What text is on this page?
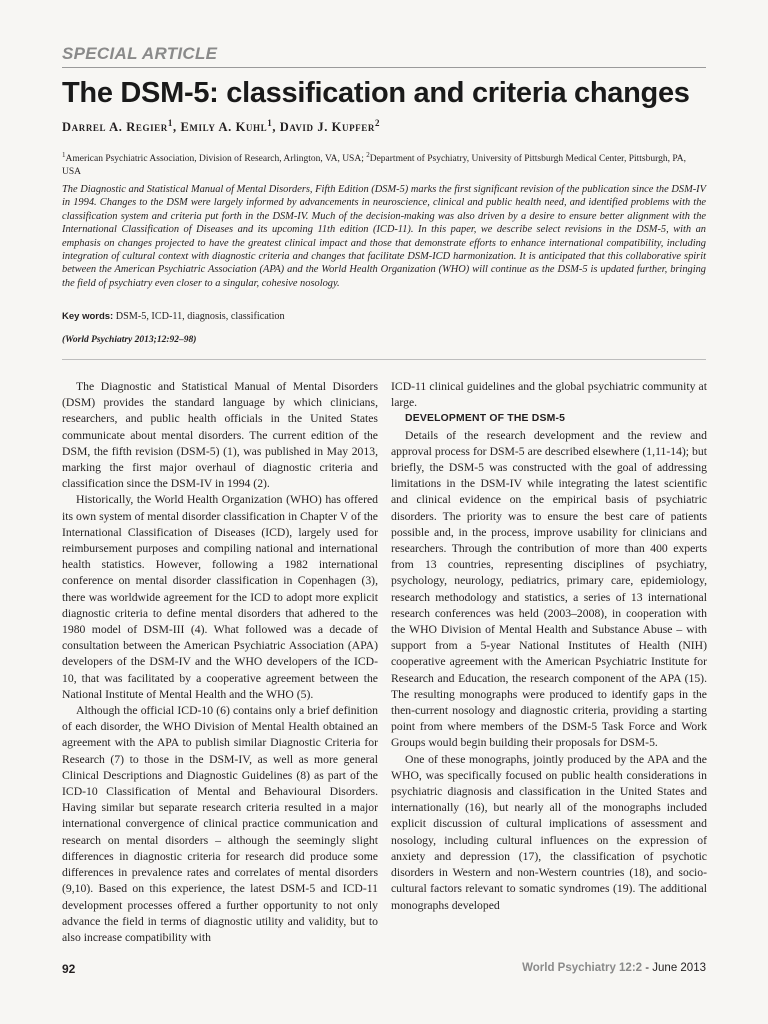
SPECIAL ARTICLE
The DSM-5: classification and criteria changes
Darrel A. Regier$^1$, Emily A. Kuhl$^1$, David J. Kupfer$^2$
$^1$American Psychiatric Association, Division of Research, Arlington, VA, USA; $^2$Department of Psychiatry, University of Pittsburgh Medical Center, Pittsburgh, PA, USA
The Diagnostic and Statistical Manual of Mental Disorders, Fifth Edition (DSM-5) marks the first significant revision of the publication since the DSM-IV in 1994. Changes to the DSM were largely informed by advancements in neuroscience, clinical and public health need, and identified problems with the classification system and criteria put forth in the DSM-IV. Much of the decision-making was also driven by a desire to ensure better alignment with the International Classification of Diseases and its upcoming 11th edition (ICD-11). In this paper, we describe select revisions in the DSM-5, with an emphasis on changes projected to have the greatest clinical impact and those that demonstrate efforts to enhance international compatibility, including integration of cultural context with diagnostic criteria and changes that facilitate DSM-ICD harmonization. It is anticipated that this collaborative spirit between the American Psychiatric Association (APA) and the World Health Organization (WHO) will continue as the DSM-5 is updated further, bringing the field of psychiatry even closer to a singular, cohesive nosology.
Key words: DSM-5, ICD-11, diagnosis, classification
(World Psychiatry 2013;12:92–98)

The Diagnostic and Statistical Manual of Mental Disorders (DSM) provides the standard language by which clinicians, researchers, and public health officials in the United States communicate about mental disorders. The current edition of the DSM, the fifth revision (DSM-5) (1), was published in May 2013, marking the first major overhaul of diagnostic criteria and classification since the DSM-IV in 1994 (2).

Historically, the World Health Organization (WHO) has offered its own system of mental disorder classification in Chapter V of the International Classification of Diseases (ICD), largely used for reimbursement purposes and compiling national and international health statistics. However, following a 1982 international conference on mental disorder classification in Copenhagen (3), there was worldwide agreement for the ICD to adopt more explicit diagnostic criteria to define mental disorders that adhered to the 1980 model of DSM-III (4). What followed was a decade of consultation between the American Psychiatric Association (APA) developers of the DSM-IV and the WHO developers of the ICD-10, that was facilitated by a cooperative agreement between the National Institute of Mental Health and the WHO (5).

Although the official ICD-10 (6) contains only a brief definition of each disorder, the WHO Division of Mental Health obtained an agreement with the APA to publish similar Diagnostic Criteria for Research (7) to those in the DSM-IV, as well as more general Clinical Descriptions and Diagnostic Guidelines (8) as part of the ICD-10 Classification of Mental and Behavioural Disorders. Having similar but separate research criteria resulted in a major international convergence of clinical practice communication and research on mental disorders – although the seemingly slight differences in diagnostic criteria for research did produce some differences in prevalence rates and correlates of mental disorders (9,10). Based on this experience, the latest DSM-5 and ICD-11 development processes offered a further opportunity to not only advance the field in terms of diagnostic utility and validity, but to also increase compatibility with

ICD-11 clinical guidelines and the global psychiatric community at large.

DEVELOPMENT OF THE DSM-5

Details of the research development and the review and approval process for DSM-5 are described elsewhere (1,11-14); but briefly, the DSM-5 was constructed with the goal of addressing limitations in the DSM-IV while integrating the latest scientific and clinical evidence on the empirical basis of psychiatric disorders. The priority was to ensure the best care of patients possible and, in the process, improve usability for clinicians and researchers. Through the contribution of more than 400 experts from 13 countries, representing disciplines of psychiatry, psychology, neurology, pediatrics, primary care, epidemiology, research methodology and statistics, a series of 13 international research conferences was held (2003–2008), in cooperation with the WHO Division of Mental Health and Substance Abuse – with support from a 5-year National Institutes of Health (NIH) cooperative agreement with the American Psychiatric Institute for Research and Education, the research component of the APA (15). The resulting monographs were produced to identify gaps in the then-current nosology and diagnostic criteria, providing a starting point from where members of the DSM-5 Task Force and Work Groups would begin building their proposals for DSM-5.

One of these monographs, jointly produced by the APA and the WHO, was specifically focused on public health considerations in psychiatric diagnosis and classification in the United States and internationally (16), but nearly all of the monographs included explicit discussion of cultural implications of assessment and nosology, including cultural influences on the expression of anxiety and depression (17), the classification of psychotic disorders in Western and non-Western countries (18), and socio-cultural factors relevant to somatic syndromes (19). The additional monographs developed

92	World Psychiatry 12:2 - June 2013
